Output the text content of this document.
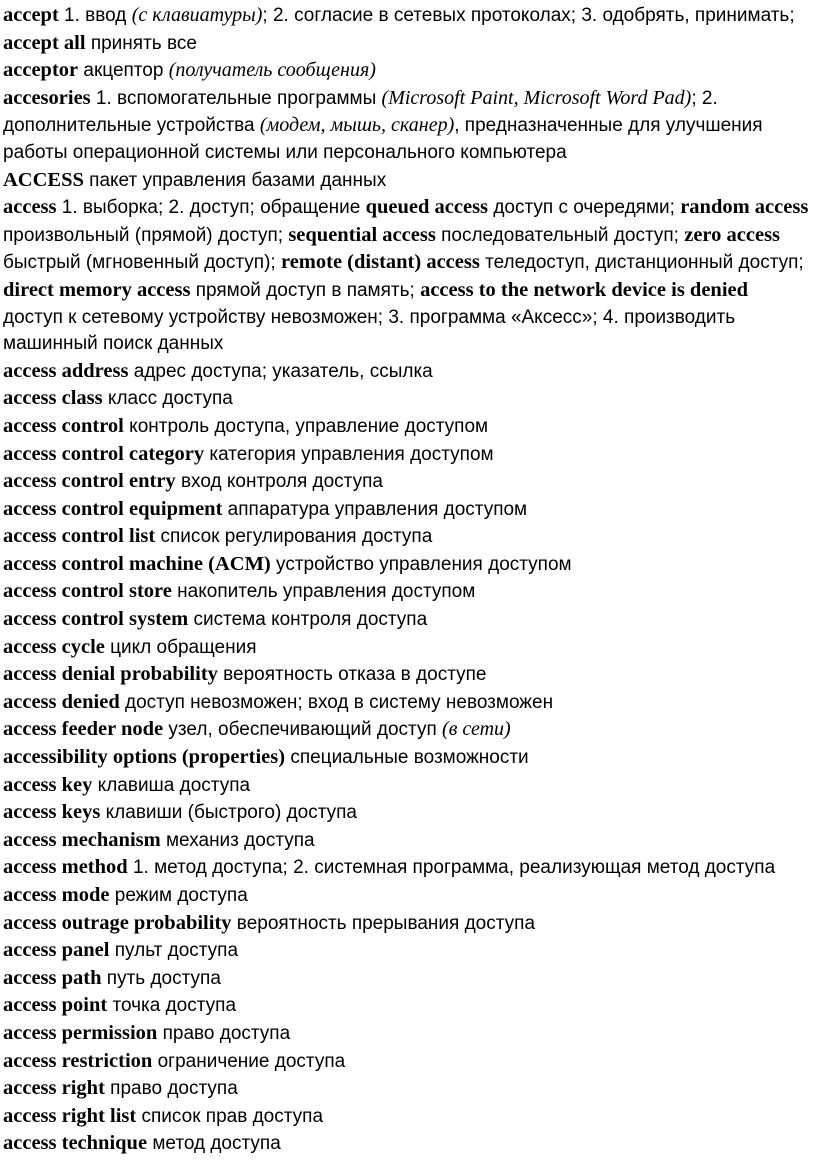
accept 1. ввод (с клавиатуры); 2. согласие в сетевых протоколах; 3. одобрять, принимать; accept all принять все

acceptor акцептор (получатель сообщения)

accesories 1. вспомогательные программы (Microsoft Paint, Microsoft Word Pad); 2. дополнительные устройства (модем, мышь, сканер), предназначенные для улучшения работы операционной системы или персонального компьютера

ACCESS пакет управления базами данных

access 1. выборка; 2. доступ; обращение queued access доступ с очередями; random access произвольный (прямой) доступ; sequential access последовательный доступ; zero access быстрый (мгновенный доступ); remote (distant) access теледоступ, дистанционный доступ; direct memory access прямой доступ в память; access to the network device is denied доступ к сетевому устройству невозможен; 3. программа «Аксесс»; 4. производить машинный поиск данных

access address адрес доступа; указатель, ссылка

access class класс доступа

access control контроль доступа, управление доступом

access control category категория управления доступом

access control entry вход контроля доступа

access control equipment аппаратура управления доступом

access control list список регулирования доступа

access control machine (ACM) устройство управления доступом

access control store накопитель управления доступом

access control system система контроля доступа

access cycle цикл обращения

access denial probability вероятность отказа в доступе

access denied доступ невозможен; вход в систему невозможен

access feeder node узел, обеспечивающий доступ (в сети)

accessibility options (properties) специальные возможности

access key клавиша доступа

access keys клавиши (быстрого) доступа

access mechanism механиз доступа

access method 1. метод доступа; 2. системная программа, реализующая метод доступа

access mode режим доступа

access outrage probability вероятность прерывания доступа

access panel пульт доступа

access path путь доступа

access point точка доступа

access permission право доступа

access restriction ограничение доступа

access right право доступа

access right list список прав доступа

access technique метод доступа
